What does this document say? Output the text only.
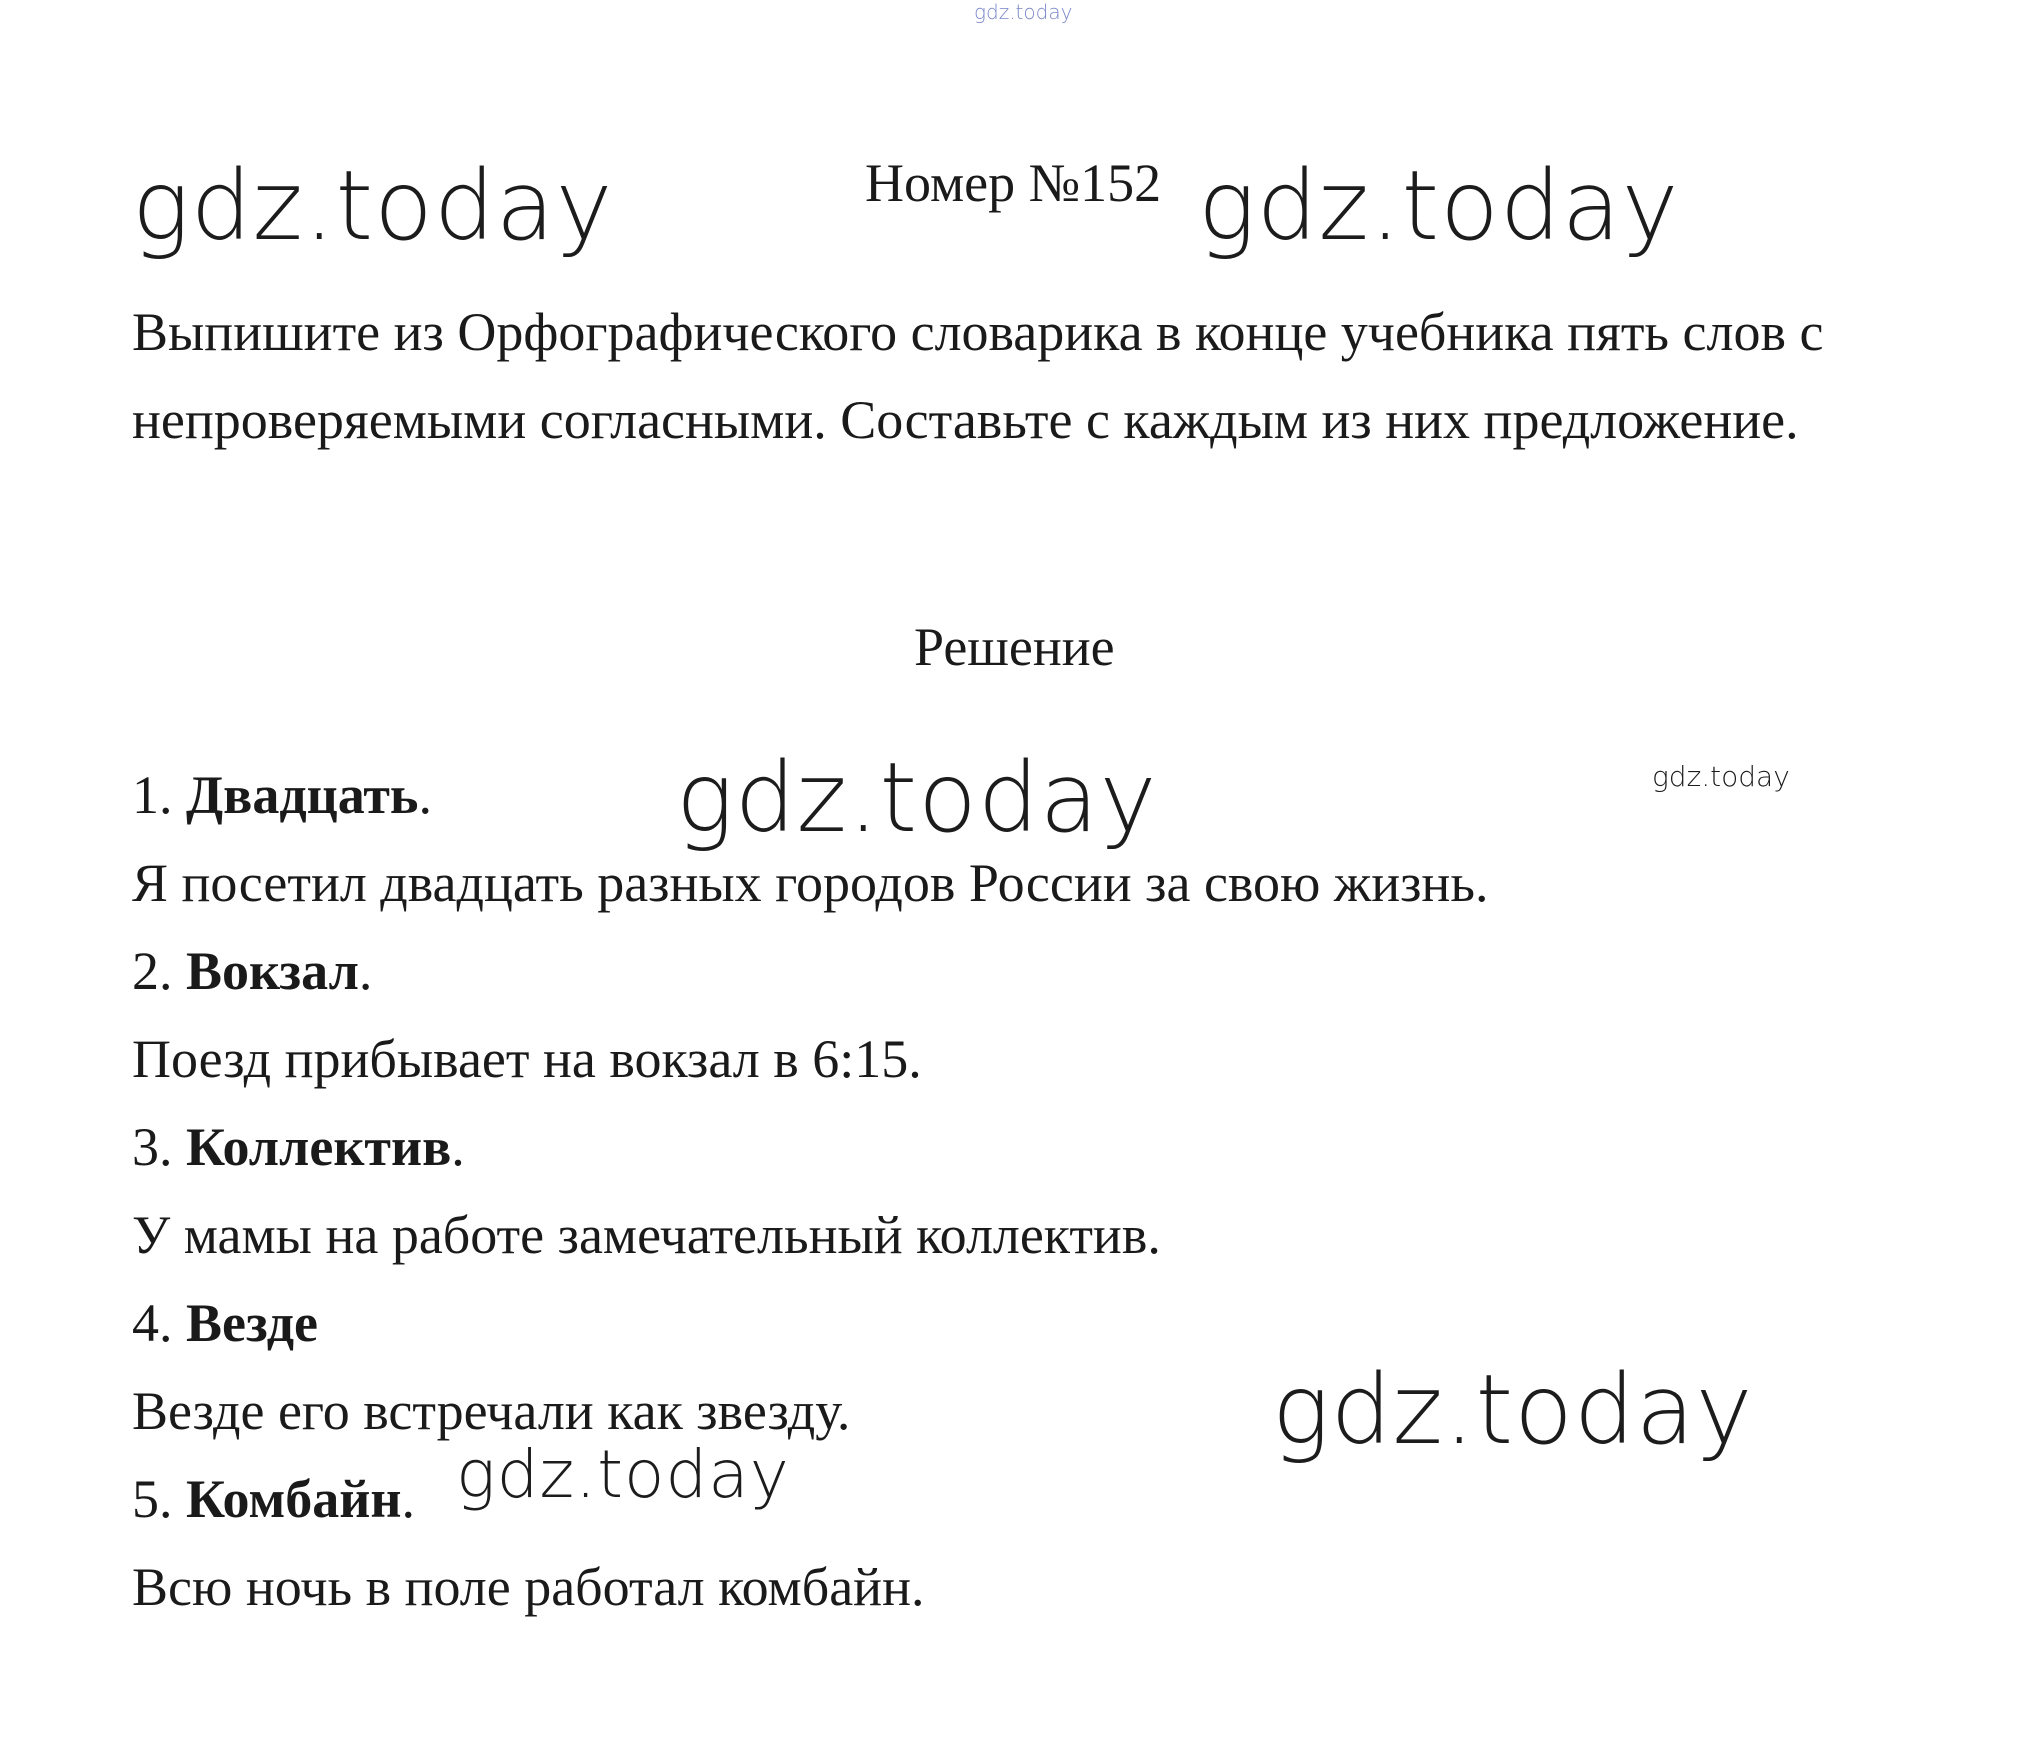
gdz.today
gdz.today	gdz.today
gdz.today	gdz.today
gdz.today
gdz.today
Номер №152
Выпишите из Орфографического словарика в конце учебника пять слов с непроверяемыми согласными. Составьте с каждым из них предложение.
Решение
1. Двадцать.
Я посетил двадцать разных городов России за свою жизнь.
2. Вокзал.
Поезд прибывает на вокзал в 6:15.
3. Коллектив.
У мамы на работе замечательный коллектив.
4. Везде
Везде его встречали как звезду.
5. Комбайн.
Всю ночь в поле работал комбайн.
